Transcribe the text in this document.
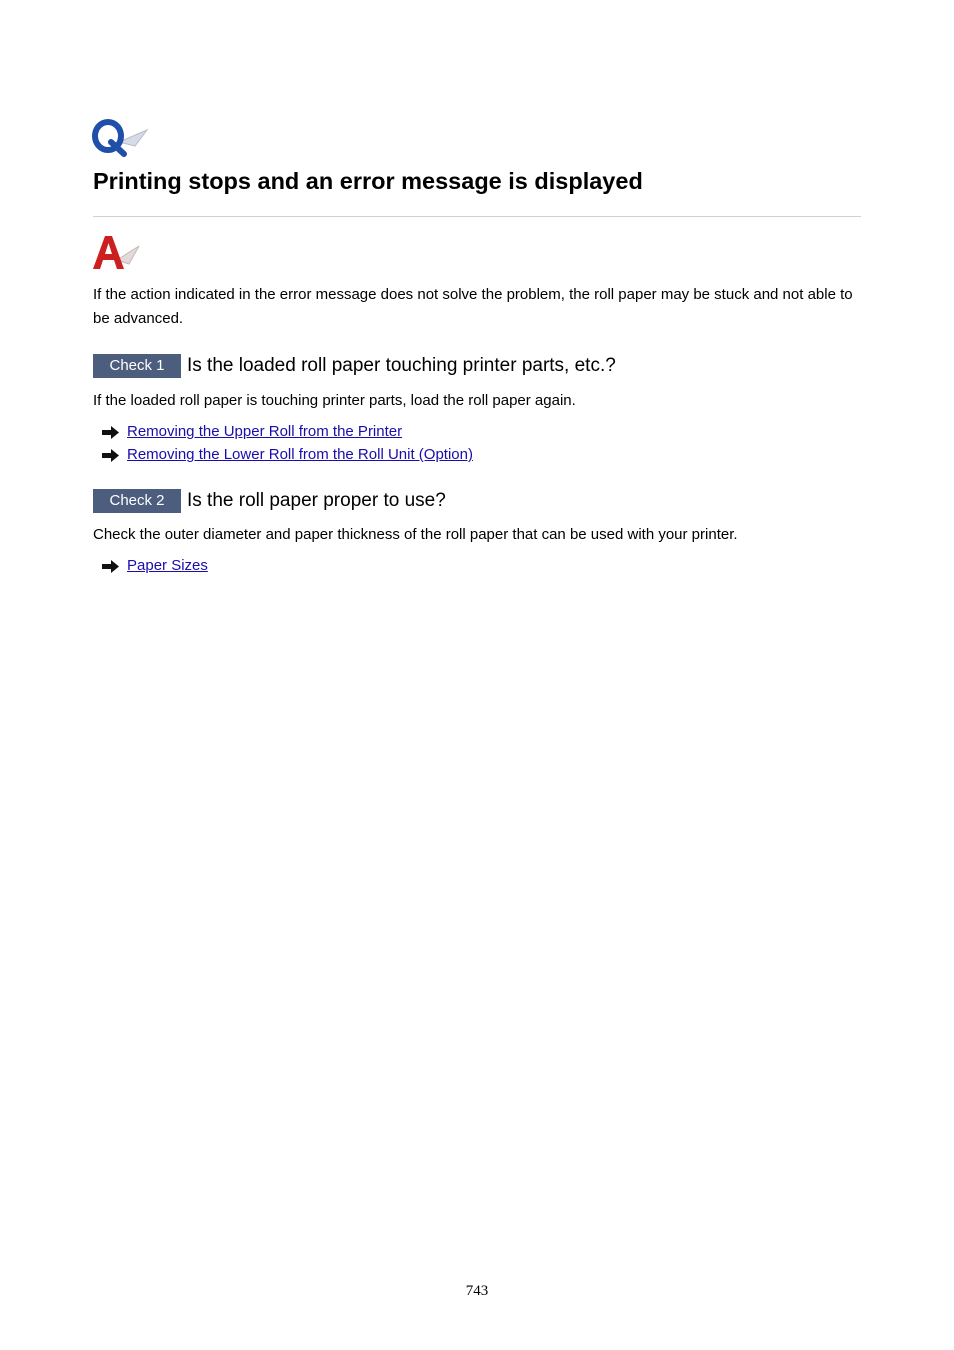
Printing stops and an error message is displayed

If the action indicated in the error message does not solve the problem, the roll paper may be stuck and not able to be advanced.

Check 1 Is the loaded roll paper touching printer parts, etc.?

If the loaded roll paper is touching printer parts, load the roll paper again.

Removing the Upper Roll from the Printer
Removing the Lower Roll from the Roll Unit (Option)
Check 2 Is the roll paper proper to use?

Check the outer diameter and paper thickness of the roll paper that can be used with your printer.

Paper Sizes
743
